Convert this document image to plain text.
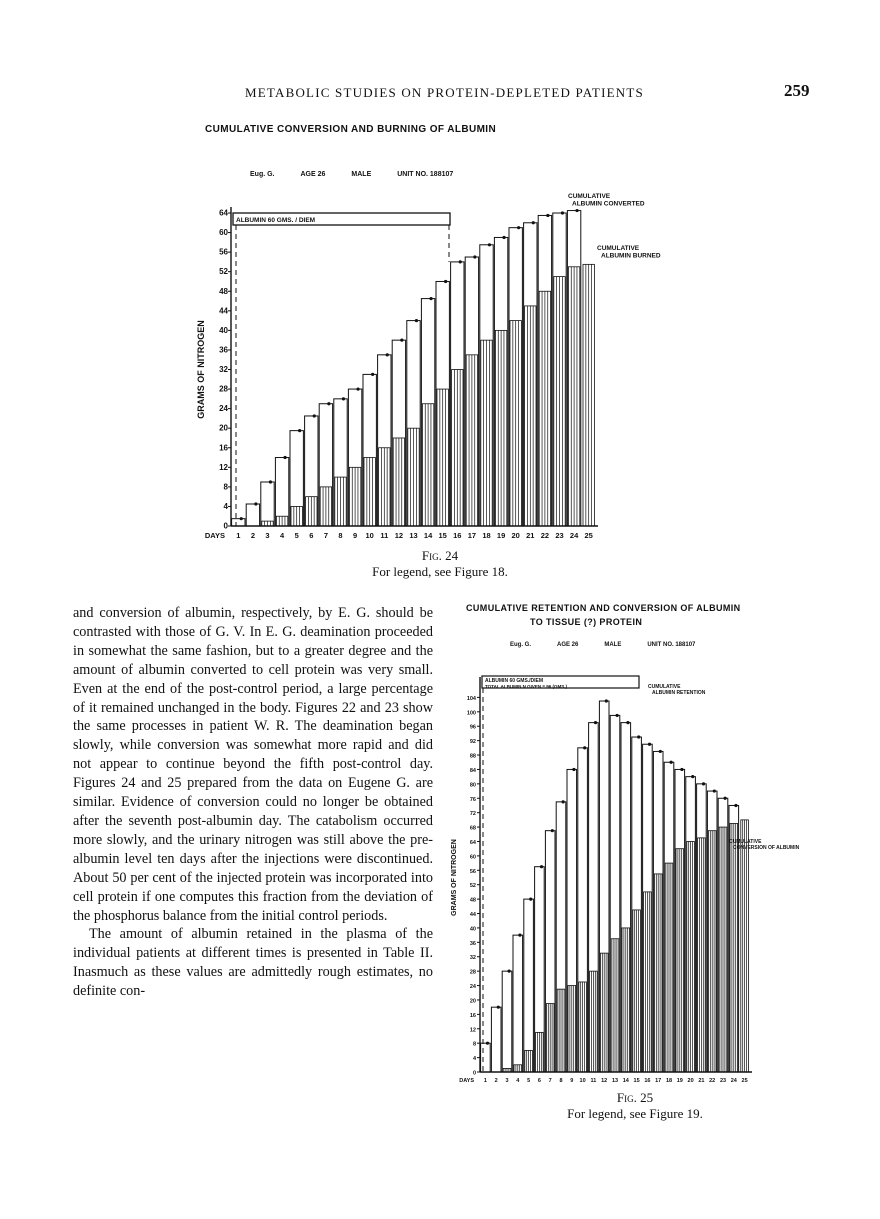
METABOLIC STUDIES ON PROTEIN-DEPLETED PATIENTS	259
CUMULATIVE CONVERSION AND BURNING OF ALBUMIN
Eug. G.	AGE 26	MALE	UNIT NO. 188107
0
4
8
12
16
20
24
28
32
36
40
44
48
52
56
60
64
GRAMS OF NITROGEN
DAYS 1 2 3 4 5 6 7 8 9 10 11 12 13 14 15 16 17 18 19 20 21 22 23 24 25
ALBUMIN 60 GMS. / DIEM
CUMULATIVE
ALBUMIN CONVERTED
CUMULATIVE
ALBUMIN BURNED
Fig. 24
For legend, see Figure 18.
CUMULATIVE RETENTION AND CONVERSION OF ALBUMIN
TO TISSUE (?) PROTEIN
Eug. G.	AGE 26	MALE	UNIT NO. 188107
Fig. 25
For legend, see Figure 19.

and conversion of albumin, respectively, by E. G. should be contrasted with those of G. V. In E. G. deamination proceeded in somewhat the same fashion, but to a greater degree and the amount of albumin converted to cell protein was very small. Even at the end of the post-control period, a large percentage of it remained unchanged in the body. Figures 22 and 23 show the same processes in patient W. R. The deamination began slowly, while conversion was somewhat more rapid and did not appear to continue beyond the fifth post-control day. Figures 24 and 25 prepared from the data on Eugene G. are similar. Evidence of conversion could no longer be obtained after the seventh post-albumin day. The catabolism occurred more slowly, and the urinary nitrogen was still above the pre-albumin level ten days after the injections were discontinued. About 50 per cent of the injected protein was incorporated into cell protein if one computes this fraction from the deviation of the phosphorus balance from the initial control periods.

The amount of albumin retained in the plasma of the individual patients at different times is presented in Table II. Inasmuch as these values are admittedly rough estimates, no definite con-

0
4
8
12
16
20
24
28
32
36
40
44
48
52
56
60
64
68
72
76
80
84
88
92
96
100
104
GRAMS OF NITROGEN
DAYS 1 2 3 4 5 6 7 8 9 10 11 12 13 14 15 16 17 18 19 20 21 22 23 24 25
ALBUMIN 60 GMS./DIEM
TOTAL ALBUMIN N GIVEN = 96 (GMS.)	CUMULATIVE
ALBUMIN RETENTION
CUMULATIVE
CONVERSION OF ALBUMIN
